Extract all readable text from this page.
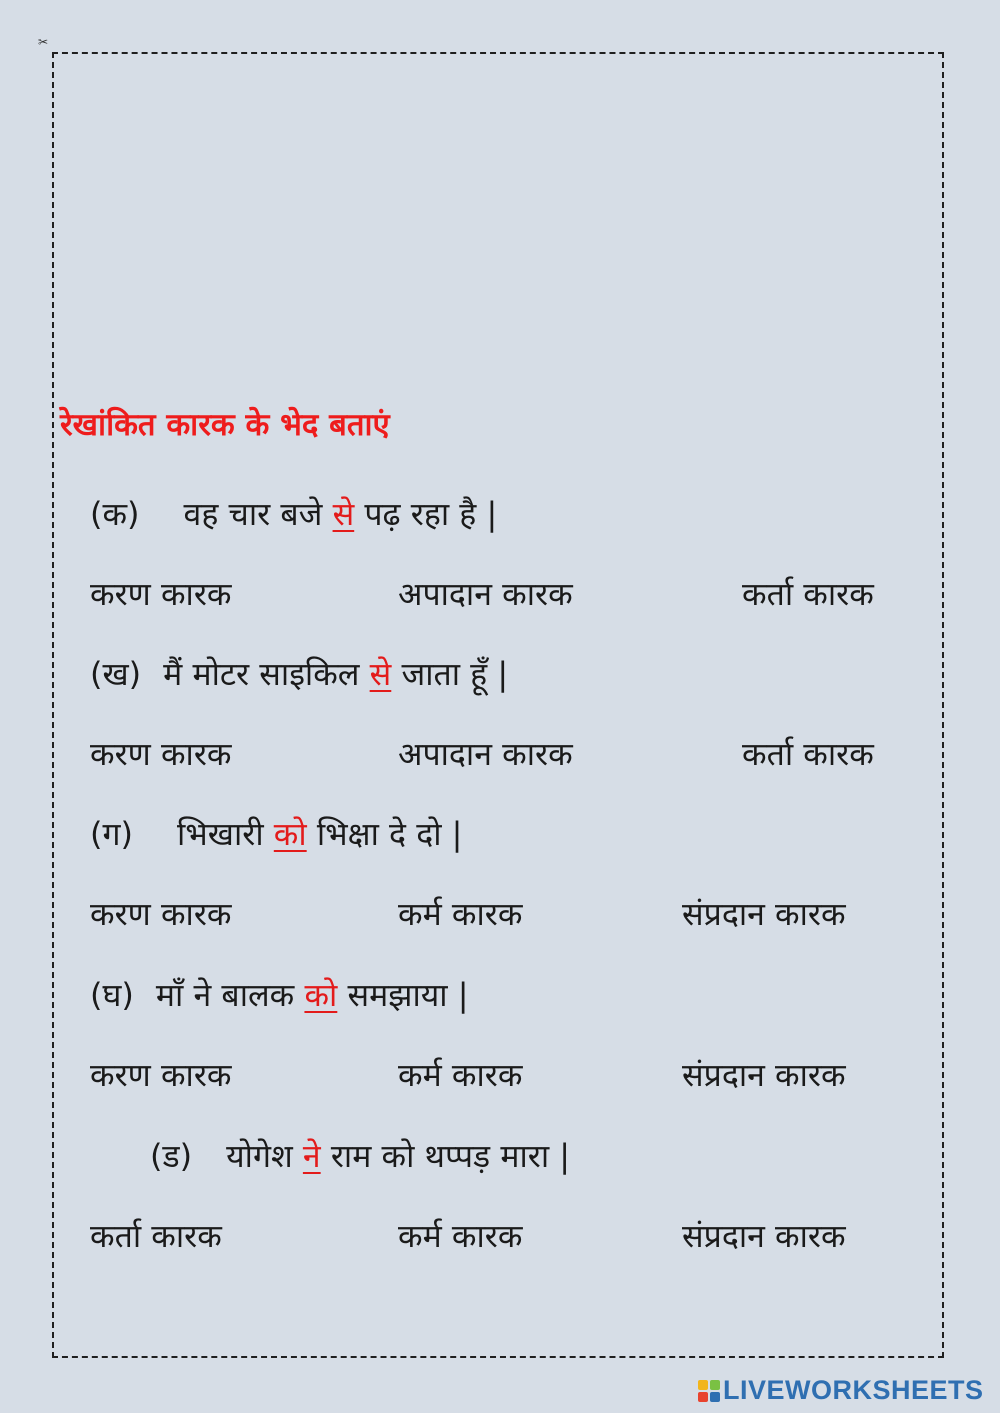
✂
रेखांकित कारक के भेद बताएं
(क) वह चार बजे से पढ़ रहा है |
करण कारक	अपादान कारक	कर्ता कारक
(ख) मैं मोटर साइकिल से जाता हूँ |
करण कारक	अपादान कारक	कर्ता कारक
(ग) भिखारी को भिक्षा दे दो |
करण कारक	कर्म कारक	संप्रदान कारक
(घ) माँ ने बालक को समझाया |
करण कारक	कर्म कारक	संप्रदान कारक
(ड) योगेश ने राम को थप्पड़ मारा |
कर्ता कारक	कर्म कारक	संप्रदान कारक
LIVEWORKSHEETS
